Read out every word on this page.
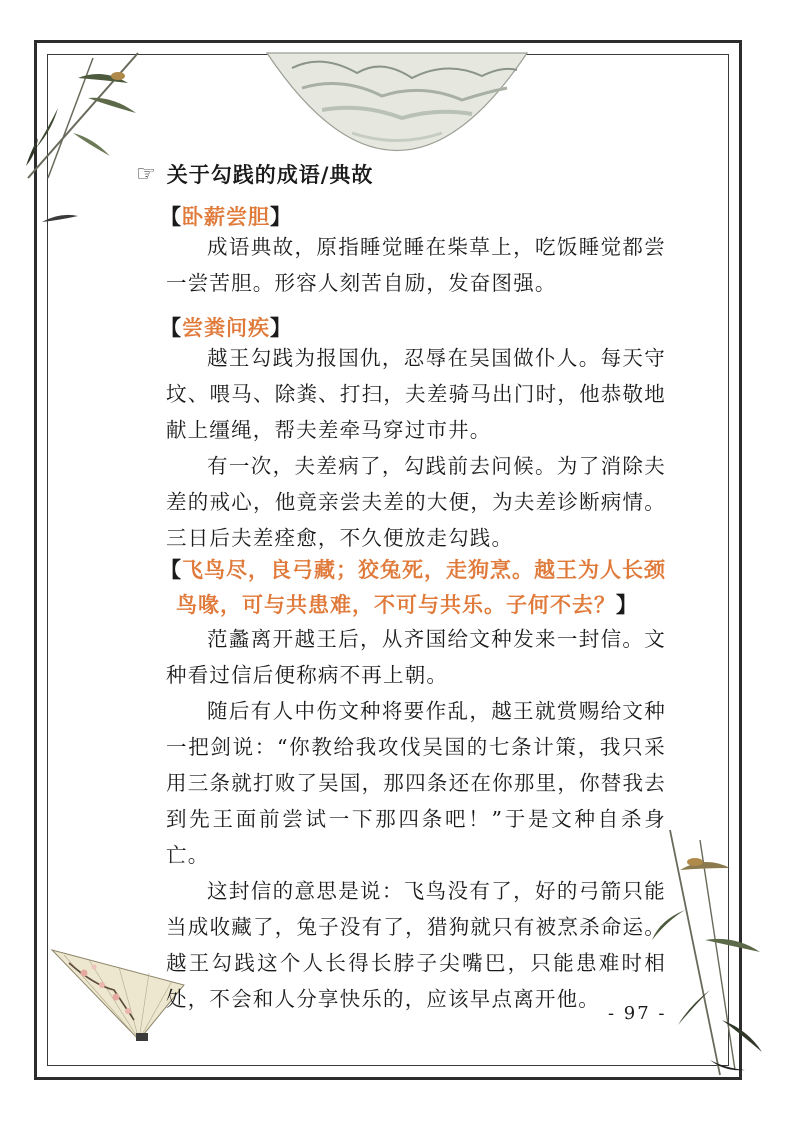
☞ 关于勾践的成语/典故
【卧薪尝胆】

成语典故，原指睡觉睡在柴草上，吃饭睡觉都尝一尝苦胆。形容人刻苦自励，发奋图强。

【尝粪问疾】

越王勾践为报国仇，忍辱在吴国做仆人。每天守坟、喂马、除粪、打扫，夫差骑马出门时，他恭敬地献上缰绳，帮夫差牵马穿过市井。

有一次，夫差病了，勾践前去问候。为了消除夫差的戒心，他竟亲尝夫差的大便，为夫差诊断病情。三日后夫差痊愈，不久便放走勾践。

【飞鸟尽，良弓藏；狡兔死，走狗烹。越王为人长颈
鸟喙，可与共患难，不可与共乐。子何不去？】

范蠡离开越王后，从齐国给文种发来一封信。文种看过信后便称病不再上朝。

随后有人中伤文种将要作乱，越王就赏赐给文种一把剑说：“你教给我攻伐吴国的七条计策，我只采用三条就打败了吴国，那四条还在你那里，你替我去到先王面前尝试一下那四条吧！”于是文种自杀身亡。

这封信的意思是说：飞鸟没有了，好的弓箭只能当成收藏了，兔子没有了，猎狗就只有被烹杀命运。越王勾践这个人长得长脖子尖嘴巴，只能患难时相处，不会和人分享快乐的，应该早点离开他。

- 97 -
